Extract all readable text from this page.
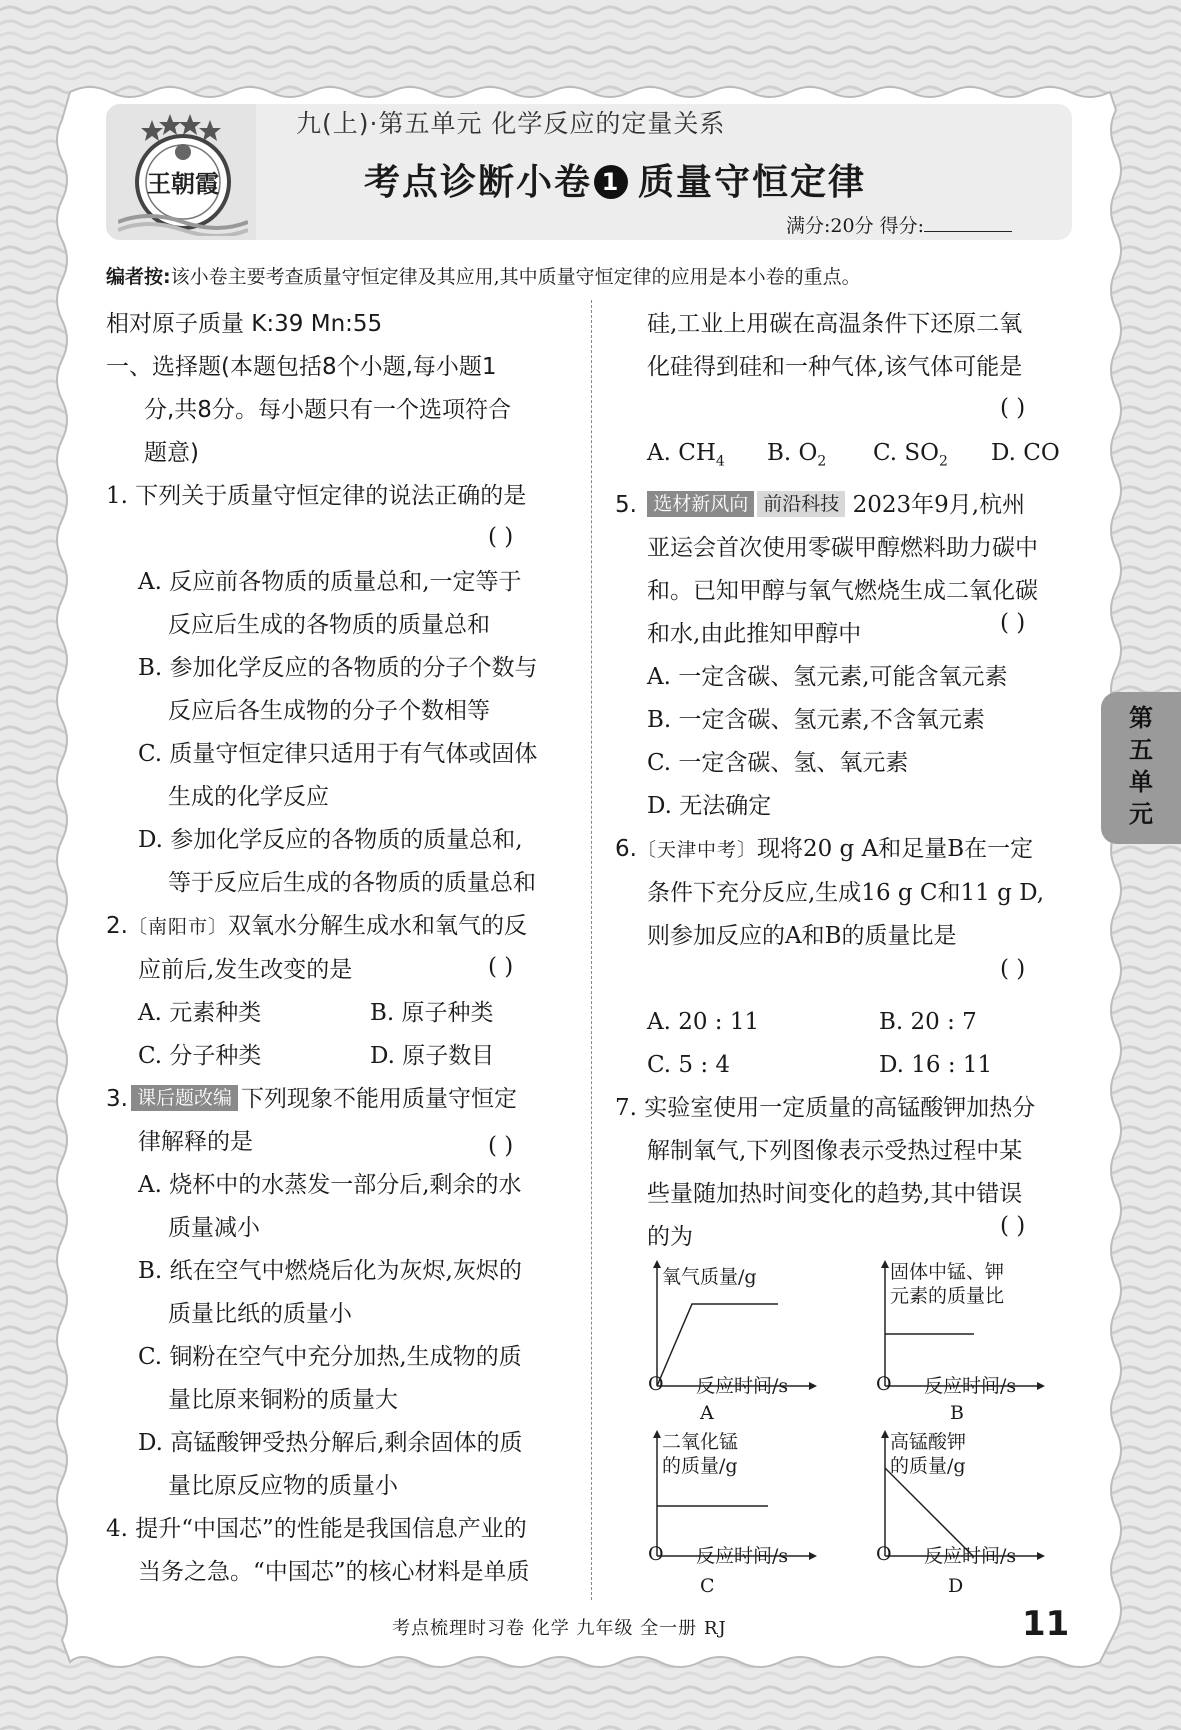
王朝霞
九(上)·第五单元 化学反应的定量关系
考点诊断小卷 1 质量守恒定律
满分:20分 得分:
编者按:该小卷主要考查质量守恒定律及其应用,其中质量守恒定律的应用是本小卷的重点。

相对原子质量 K:39 Mn:55

一、选择题(本题包括8个小题,每小题1

分,共8分。每小题只有一个选项符合

题意)

1. 下列关于质量守恒定律的说法正确的是

A. 反应前各物质的质量总和,一定等于

反应后生成的各物质的质量总和

B. 参加化学反应的各物质的分子个数与

反应后各生成物的分子个数相等

C. 质量守恒定律只适用于有气体或固体

生成的化学反应

D. 参加化学反应的各物质的质量总和,

等于反应后生成的各物质的质量总和

2.〔南阳市〕双氧水分解生成水和氧气的反

应前后,发生改变的是

A. 元素种类	B. 原子种类

C. 分子种类	D. 原子数目

3. 课后题改编 下列现象不能用质量守恒定

律解释的是

A. 烧杯中的水蒸发一部分后,剩余的水

质量减小

B. 纸在空气中燃烧后化为灰烬,灰烬的

质量比纸的质量小

C. 铜粉在空气中充分加热,生成物的质

量比原来铜粉的质量大

D. 高锰酸钾受热分解后,剩余固体的质

量比原反应物的质量小

4. 提升“中国芯”的性能是我国信息产业的

当务之急。“中国芯”的核心材料是单质

( )
( )
( )

硅,工业上用碳在高温条件下还原二氧

化硅得到硅和一种气体,该气体可能是

A. $CH_4$ B. $O_2$ C. $SO_2$ D. CO

5. 选材新风向 前沿科技 2023年9月,杭州

亚运会首次使用零碳甲醇燃料助力碳中

和。已知甲醇与氧气燃烧生成二氧化碳

和水,由此推知甲醇中

A. 一定含碳、氢元素,可能含氧元素

B. 一定含碳、氢元素,不含氧元素

C. 一定含碳、氢、氧元素

D. 无法确定

6.〔天津中考〕现将20 g A和足量B在一定

条件下充分反应,生成16 g C和11 g D,

则参加反应的A和B的质量比是

A. 20 : 11	B. 20 : 7

C. 5 : 4	D. 16 : 11

7. 实验室使用一定质量的高锰酸钾加热分

解制氧气,下列图像表示受热过程中某

些量随加热时间变化的趋势,其中错误

的为

( )
( )
( )
( )
氧气质量/g
O 反应时间/s
A
固体中锰、钾
元素的质量比
O 反应时间/s
B
二氧化锰
的质量/g
O 反应时间/s
C
高锰酸钾
的质量/g
O 反应时间/s
D
第
五
单
元
考点梳理时习卷 化学 九年级 全一册 RJ	11
